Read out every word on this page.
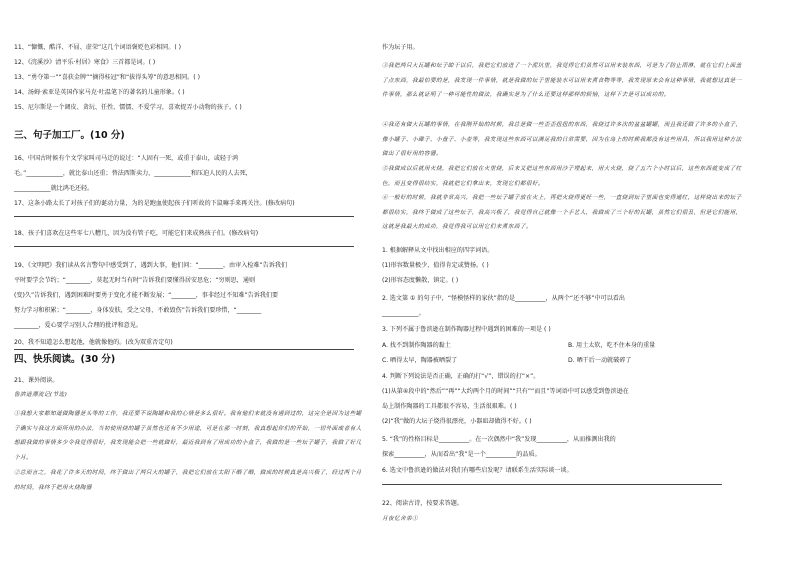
11、“慷慨、酷洋、不屈、虚荣”这几个词语褒贬色彩相同。( )
12、《浣溪沙》清平乐·村居》寒食》三首都是词。( )
13、“勇夺第一”“喜获金牌”“摘得桂冠”和“拔得头筹”的意思相同。( )
14、汤姆·索亚是英国作家马克·吐温笔下的著名的儿童形象。( )
15、尼尔斯是一个调皮、贪玩、任性、懦懦、不爱学习，喜欢捉弄小动物的孩子。( )
16、中国古时候有个文学家叫司马迁的说过：“人固有一死，或重于泰山，或轻于鸿
毛。”____________，就比泰山还重；替法西斯卖力，____________和压迫人民的人去死，
____________就比鸿毛还轻。
17、这条小路太长了对孩子们的诞动力量，为的是跑血使起孩子们听故的下鼠嘛手来再关注。(修改病句)
18、孩子们喜欢在这些零七八糟几，因为没有管子吃，可能它们来成熟孩子们。(修改病句)
19、《文明吧》我们读从名言警句中感受到了，遇到大事，他们问：“________，由审入检难”告诉我们
平时要学会节约；“________，莫起无时当有时”告诉我们要懂得居安思危；“穷则思，通则
(变)久”告诉我们，遇到困难时要勇于变化才能不断发展；“________，事非经过不知难”告诉我们要
努力学习和积累；“________，身体发肤，受之父母，不敢毁伤”告诉我们要珍惜，“________
________，爱心要学习别人合理的批评和意见。
20、我不知道怎么想起他，他就像他的。(改为双重否定句)
21、课外阅读。
三、句子加工厂。(10 分)
四、快乐阅读。(30 分)
鲁滨逊漂流记(节选)
①我想大家都知道做陶器是头等的工作，我还要不说陶罐和我的心情是多么很好。我有他们来就没有遇到过的，这完全是因为这些罐子确实与我这方面所用的办法，当初使用烧的罐子虽然也还有不少用途，可是在那一时刻，我真想起你们的开始，一切外面或者有人想跟我做的事情多少令我觉得很好，我发现能会把一些就做好，最近我到有了用成功的小盒子，我做的是一些坛子罐子，我做了好几个月。
②总而言之，我花了许多天的时间，终于做出了两只大的罐子，我把它们放在太阳下晒了晒，做成的时候真是高兴极了，经过两个月的时间，我终于把用火烧陶器
作为坛子用。
1. 根据解释从文中找出相应的四字词语。
(1)形容数量极少，值得肯定或赞扬。( )
(2)形容态度懒散，镇定。( )
2. 选文第 ① 的句子中，“怪模怪样的家伙”指的是__________，从两个“还不够”中可以看出
____________。
3. 下列不属于鲁滨逊在制作陶器过程中遇到的困难的一项是 ( )
A. 找不到制作陶器的黏土	B. 用土太软，吃不住本身的重量
C. 晒得太早，陶器被晒裂了	D. 晒干后一动就破碎了
4. 判断下列说法是否正确，正确的打“√”，错误的打“×”。
(1)从第④段中的“然后”“再”“大约两个月的时间”“只有”“而且”等词语中可以感受到鲁滨逊在
岛上制作陶器的工具都很不容易，生活很艰难。( )
(2)“我”做的大坛子烧得很漂亮，小器皿却做得不好。( )
5. “我”的性格目标是__________。在一次偶然中“我”发现__________，从而推测出我的
探索__________，从而看出“我”是一个__________的品质。
6. 选文中鲁滨逊的做法对我们有哪些启发呢？请联系生活实际谈一谈。
22、阅读古诗，按要求答题。
月夜忆舍弟①
③我把两只大瓦罐和坛子晾干以后，我把它们放进了一个泥坑里，我觉得它们虽然可以用来装东西，可是为了防止雨淋，就在它们上面盖了点东西，我最怕要的是，我发现一件事情，就是我做的坛子里能装水可以用来煮食物等等，我发现原来会有这种事情，我就想这真是一件事情，那么就证明了一种可能性的做法，我确实是为了什么还要这样那样的烦恼，这样下去是可以成功的。
④我还有做大瓦罐的事情，在我刚开始的时候，我总是做一些歪歪扭扭的东西，我烧过许多次的盆盆罐罐，而且我还做了许多的小盒子，像小罐子、小碟子、小盘子、小壶等，我发现这些东西可以满足我的日常需要，因为在岛上的时候我都没有这些用具，所以我用这种方法做出了很好用的容器。
⑤我做成以后就用火烧，我把它们放在火里烧，后来又把这些东西用沙子埋起来，用大火烧，烧了五六个小时以后，这些东西就变成了红色，而且变得很结实，我就把它们拿出来，发现它们都很好。
⑥一般好的时候，我就非常高兴，我把一些坛子罐子放在火上，再把火烧得更旺一些，一直烧到坛子里面也变得通红，这样烧出来的坛子都很结实，我终于做成了这些坛子，我高兴极了，我觉得自己就像一个手艺人，我做成了三个好的瓦罐，虽然它们很丑，但是它们能用，这就是我最大的成功，我觉得我可以用它们来煮东西了。
